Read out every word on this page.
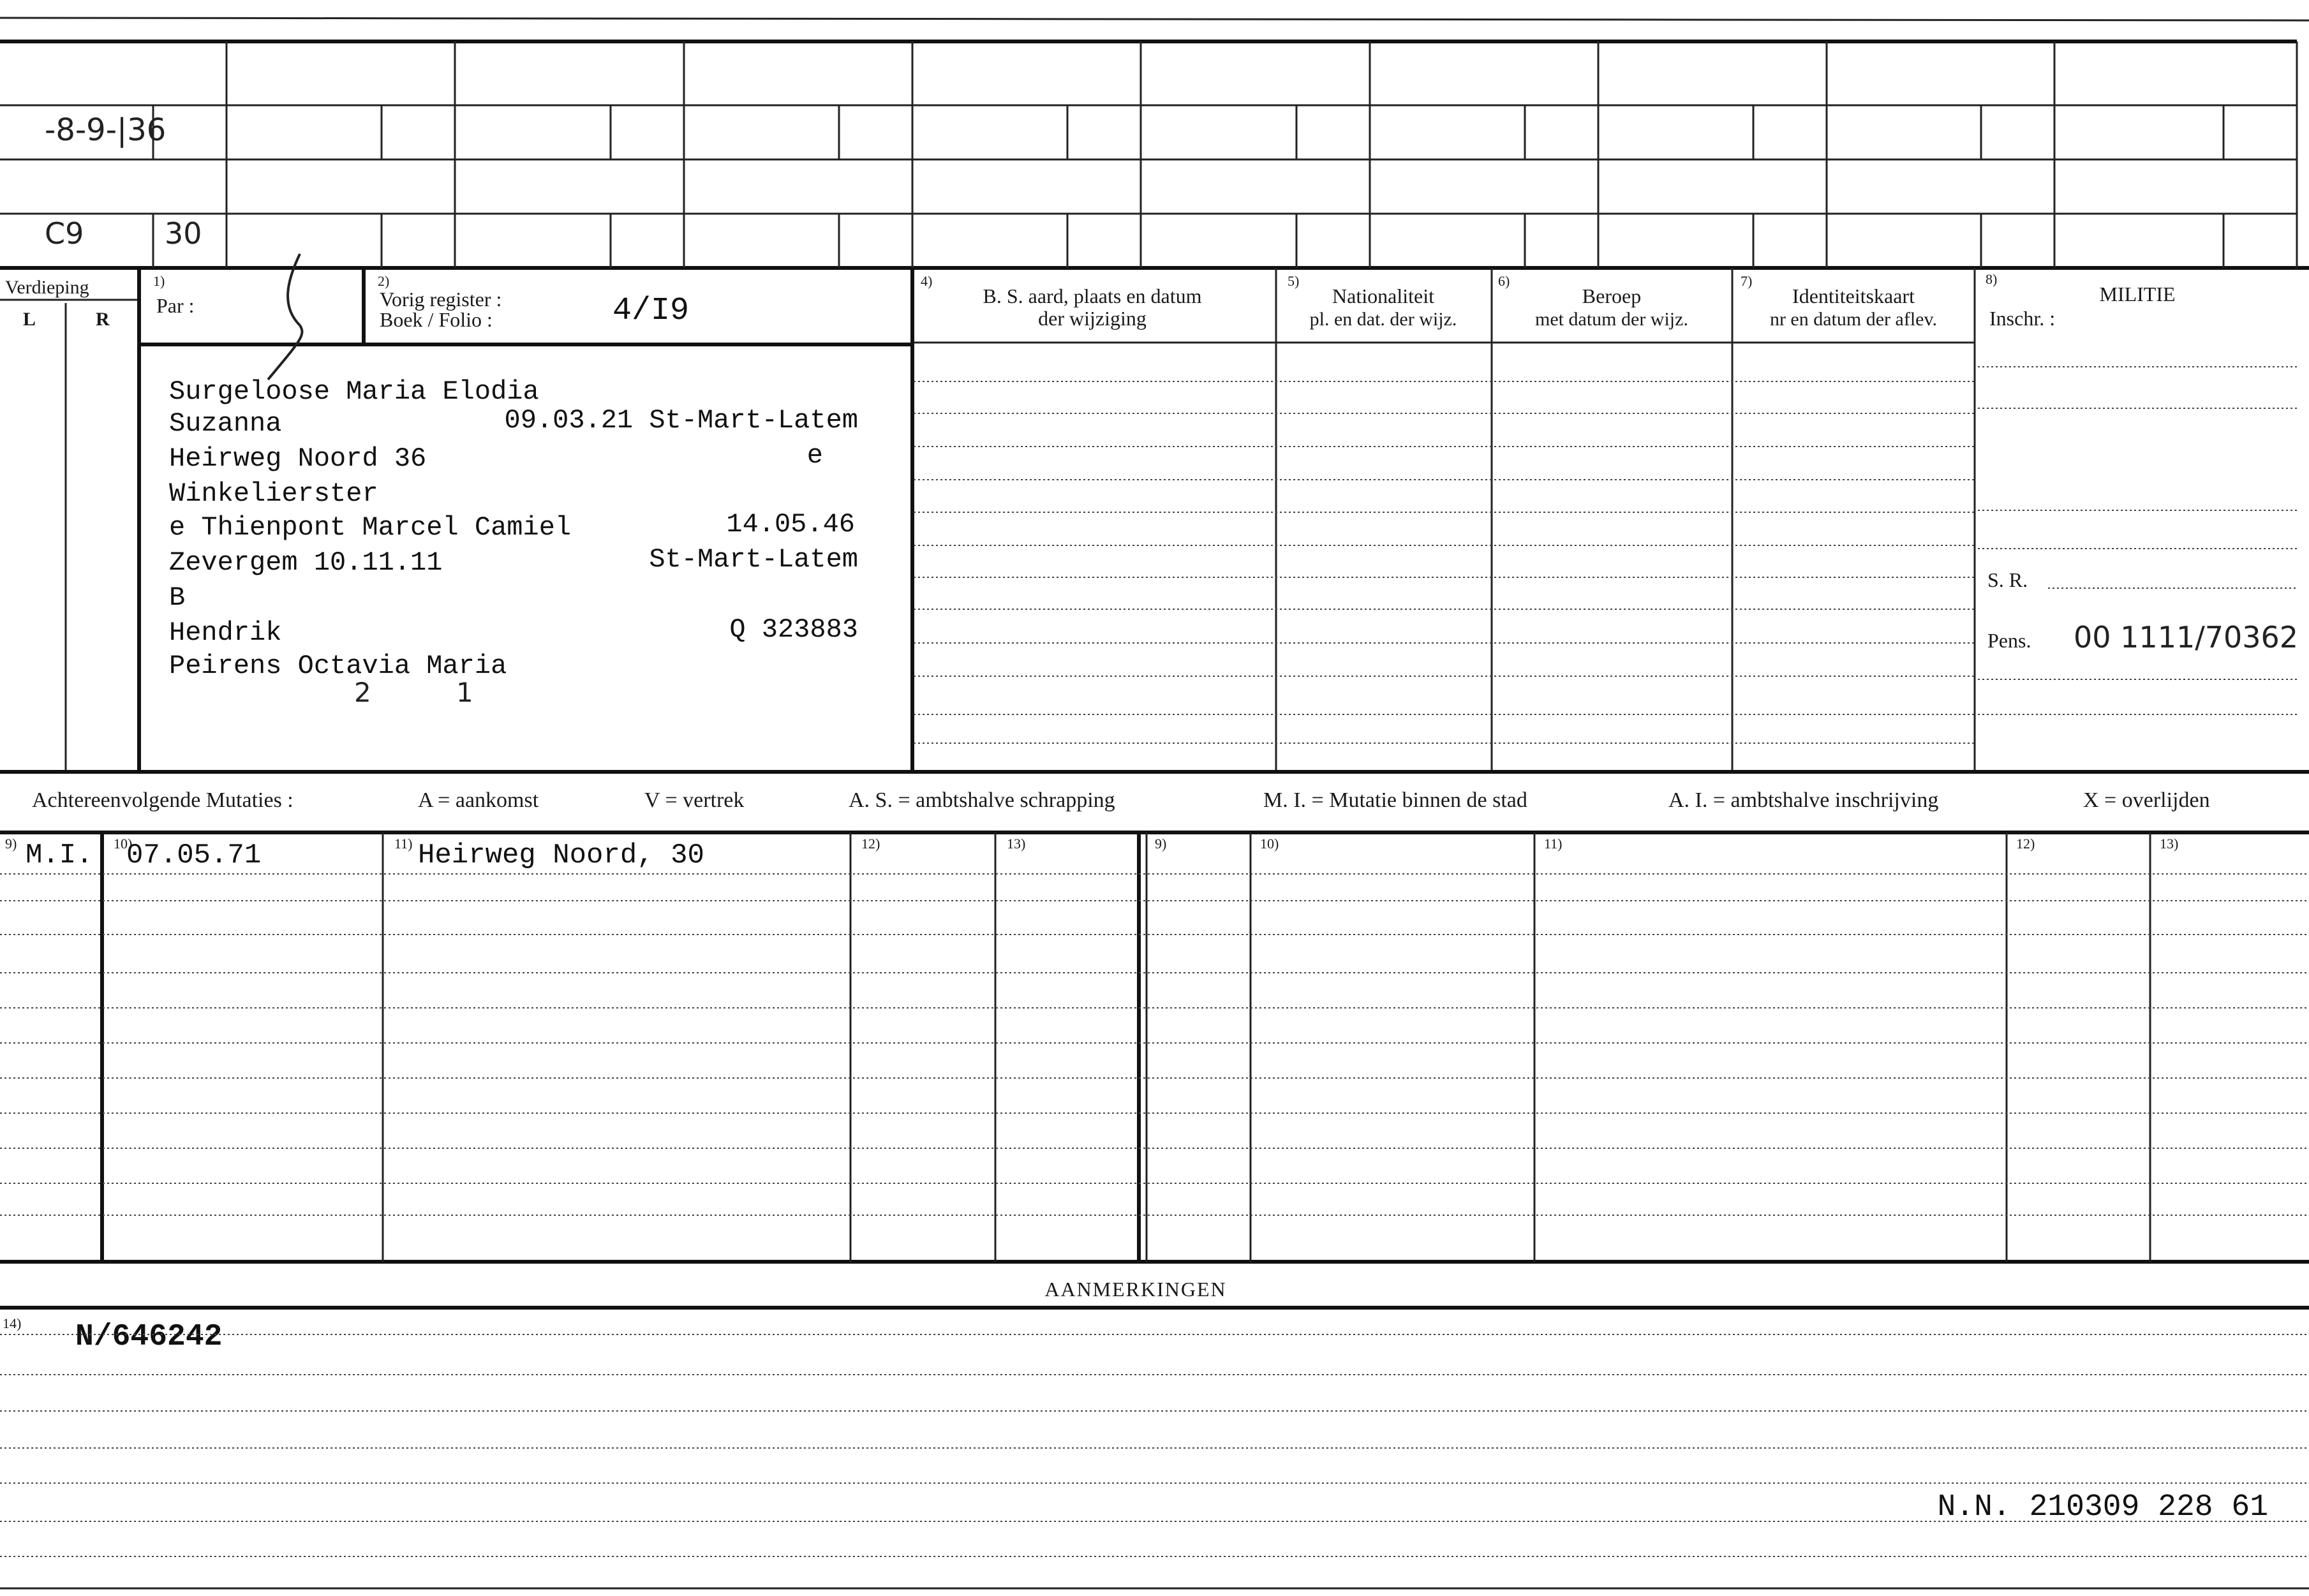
-8-9-|36
C9	30
Verdieping
L	R
1)
Par :
2)
Vorig register :
Boek / Folio :	4/I9
4)
B. S. aard, plaats en datum
der wijziging
5)
Nationaliteit
pl. en dat. der wijz.
6)
Beroep
met datum der wijz.
7)
Identiteitskaart
nr en datum der aflev.
8)
MILITIE
Inschr. :
S. R.
Pens. 00 1111/70362
Surgeloose Maria Elodia
Suzanna	09.03.21 St-Mart-Latem
Heirweg Noord 36	e
Winkelierster
e Thienpont Marcel Camiel	14.05.46
Zevergem 10.11.11	St-Mart-Latem
B
Hendrik	Q 323883
Peirens Octavia Maria
2	1
Achtereenvolgende Mutaties :	A = aankomst	V = vertrek	A. S. = ambtshalve schrapping	M. I. = Mutatie binnen de stad	A. I. = ambtshalve inschrijving	X = overlijden
9)	10)	11)	12)	13)	9)	10)	11)	12)	13)
M.I. 07.05.71	Heirweg Noord, 30
AANMERKINGEN
14) N/646242
N.N. 210309 228 61
